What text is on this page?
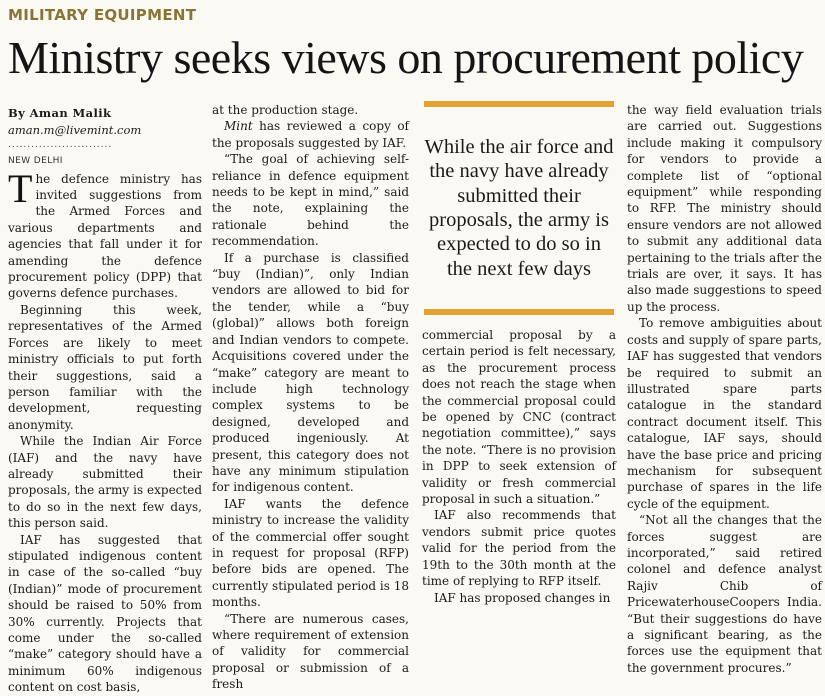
MILITARY EQUIPMENT
Ministry seeks views on procurement policy
By Aman Malik
aman.m@livemint.com
...........................
NEW DELHI

The defence ministry has invited suggestions from the Armed Forces and various departments and agencies that fall under it for amending the defence procurement policy (DPP) that governs defence purchases.

Beginning this week, representatives of the Armed Forces are likely to meet ministry officials to put forth their suggestions, said a person familiar with the development, requesting anonymity.

While the Indian Air Force (IAF) and the navy have already submitted their proposals, the army is expected to do so in the next few days, this person said.

IAF has suggested that stipulated indigenous content in case of the so-called “buy (Indian)” mode of procurement should be raised to 50% from 30% currently. Projects that come under the so-called “make” category should have a minimum 60% indigenous content on cost basis,

at the production stage.

Mint has reviewed a copy of the proposals suggested by IAF.

“The goal of achieving self-reliance in defence equipment needs to be kept in mind,” said the note, explaining the rationale behind the recommendation.

If a purchase is classified “buy (Indian)”, only Indian vendors are allowed to bid for the tender, while a “buy (global)” allows both foreign and Indian vendors to compete. Acquisitions covered under the “make” category are meant to include high technology complex systems to be designed, developed and produced ingeniously. At present, this category does not have any minimum stipulation for indigenous content.

IAF wants the defence ministry to increase the validity of the commercial offer sought in request for proposal (RFP) before bids are opened. The currently stipulated period is 18 months.

“There are numerous cases, where requirement of extension of validity for commercial proposal or submission of a fresh

While the air force and the navy have already submitted their proposals, the army is expected to do so in the next few days

commercial proposal by a certain period is felt necessary, as the procurement process does not reach the stage when the commercial proposal could be opened by CNC (contract negotiation committee),” says the note. “There is no provision in DPP to seek extension of validity or fresh commercial proposal in such a situation.”

IAF also recommends that vendors submit price quotes valid for the period from the 19th to the 30th month at the time of replying to RFP itself.

IAF has proposed changes in

the way field evaluation trials are carried out. Suggestions include making it compulsory for vendors to provide a complete list of “optional equipment” while responding to RFP. The ministry should ensure vendors are not allowed to submit any additional data pertaining to the trials after the trials are over, it says. It has also made suggestions to speed up the process.

To remove ambiguities about costs and supply of spare parts, IAF has suggested that vendors be required to submit an illustrated spare parts catalogue in the standard contract document itself. This catalogue, IAF says, should have the base price and pricing mechanism for subsequent purchase of spares in the life cycle of the equipment.

“Not all the changes that the forces suggest are incorporated,” said retired colonel and defence analyst Rajiv Chib of PricewaterhouseCoopers India. “But their suggestions do have a significant bearing, as the forces use the equipment that the government procures.”
